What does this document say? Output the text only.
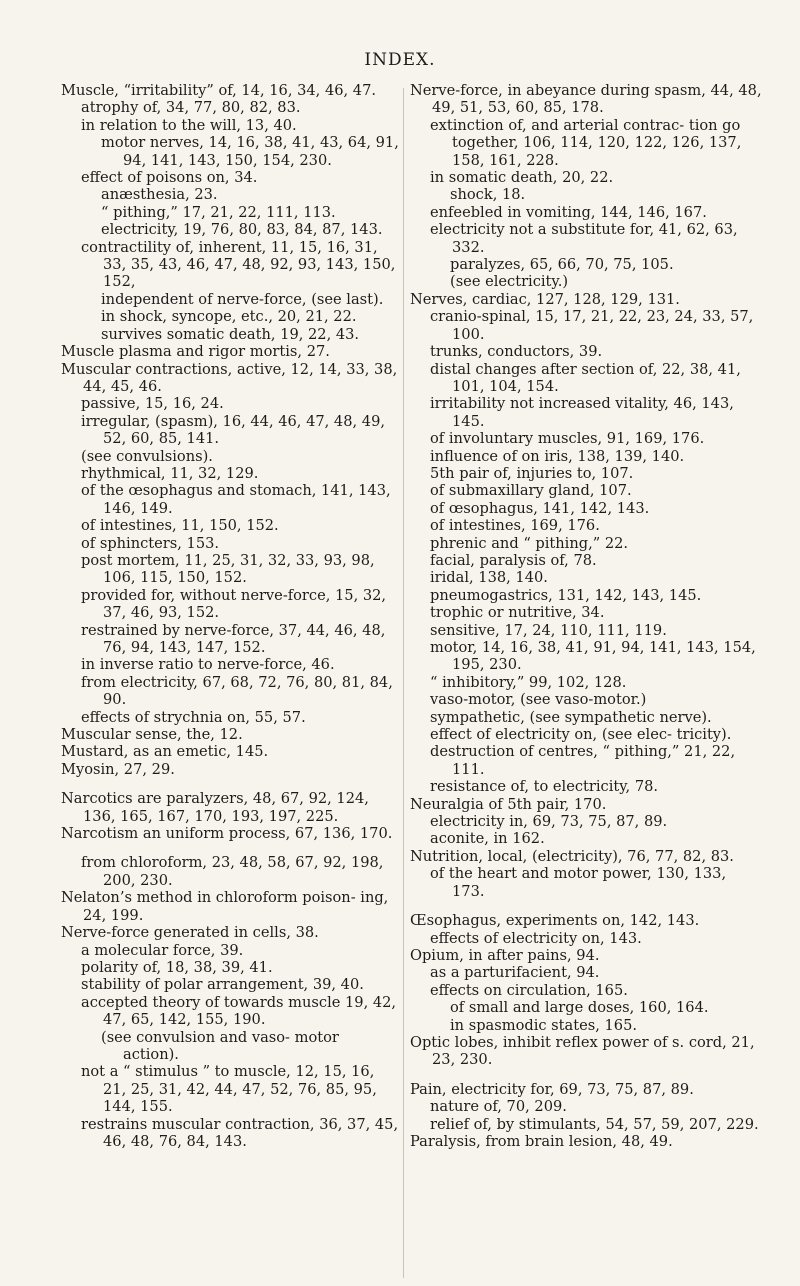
INDEX.

Muscle, “irritability” of, 14, 16, 34, 46, 47.

atrophy of, 34, 77, 80, 82, 83.

in relation to the will, 13, 40.

motor nerves, 14, 16, 38, 41, 43, 64, 91, 94, 141, 143, 150, 154, 230.

effect of poisons on, 34.

anæsthesia, 23.

“ pithing,” 17, 21, 22, 111, 113.

electricity, 19, 76, 80, 83, 84, 87, 143.

contractility of, inherent, 11, 15, 16, 31, 33, 35, 43, 46, 47, 48, 92, 93, 143, 150, 152,

independent of nerve-force, (see last).

in shock, syncope, etc., 20, 21, 22.

survives somatic death, 19, 22, 43.

Muscle plasma and rigor mortis, 27.

Muscular contractions, active, 12, 14, 33, 38, 44, 45, 46.

passive, 15, 16, 24.

irregular, (spasm), 16, 44, 46, 47, 48, 49, 52, 60, 85, 141.

(see convulsions).

rhythmical, 11, 32, 129.

of the œsophagus and stomach, 141, 143, 146, 149.

of intestines, 11, 150, 152.

of sphincters, 153.

post mortem, 11, 25, 31, 32, 33, 93, 98, 106, 115, 150, 152.

provided for, without nerve-force, 15, 32, 37, 46, 93, 152.

restrained by nerve-force, 37, 44, 46, 48, 76, 94, 143, 147, 152.

in inverse ratio to nerve-force, 46.

from electricity, 67, 68, 72, 76, 80, 81, 84, 90.

effects of strychnia on, 55, 57.

Muscular sense, the, 12.

Mustard, as an emetic, 145.

Myosin, 27, 29.

Narcotics are paralyzers, 48, 67, 92, 124, 136, 165, 167, 170, 193, 197, 225.

Narcotism an uniform process, 67, 136, 170.

from chloroform, 23, 48, 58, 67, 92, 198, 200, 230.

Nelaton’s method in chloroform poison- ing, 24, 199.

Nerve-force generated in cells, 38.

a molecular force, 39.

polarity of, 18, 38, 39, 41.

stability of polar arrangement, 39, 40.

accepted theory of towards muscle 19, 42, 47, 65, 142, 155, 190.

(see convulsion and vaso- motor action).

not a “ stimulus ” to muscle, 12, 15, 16, 21, 25, 31, 42, 44, 47, 52, 76, 85, 95, 144, 155.

restrains muscular contraction, 36, 37, 45, 46, 48, 76, 84, 143.

Nerve-force, in abeyance during spasm, 44, 48, 49, 51, 53, 60, 85, 178.

extinction of, and arterial contrac- tion go together, 106, 114, 120, 122, 126, 137, 158, 161, 228.

in somatic death, 20, 22.

shock, 18.

enfeebled in vomiting, 144, 146, 167.

electricity not a substitute for, 41, 62, 63, 332.

paralyzes, 65, 66, 70, 75, 105.

(see electricity.)

Nerves, cardiac, 127, 128, 129, 131.

cranio-spinal, 15, 17, 21, 22, 23, 24, 33, 57, 100.

trunks, conductors, 39.

distal changes after section of, 22, 38, 41, 101, 104, 154.

irritability not increased vitality, 46, 143, 145.

of involuntary muscles, 91, 169, 176.

influence of on iris, 138, 139, 140.

5th pair of, injuries to, 107.

of submaxillary gland, 107.

of œsophagus, 141, 142, 143.

of intestines, 169, 176.

phrenic and “ pithing,” 22.

facial, paralysis of, 78.

iridal, 138, 140.

pneumogastrics, 131, 142, 143, 145.

trophic or nutritive, 34.

sensitive, 17, 24, 110, 111, 119.

motor, 14, 16, 38, 41, 91, 94, 141, 143, 154, 195, 230.

“ inhibitory,” 99, 102, 128.

vaso-motor, (see vaso-motor.)

sympathetic, (see sympathetic nerve).

effect of electricity on, (see elec- tricity).

destruction of centres, “ pithing,” 21, 22, 111.

resistance of, to electricity, 78.

Neuralgia of 5th pair, 170.

electricity in, 69, 73, 75, 87, 89.

aconite, in 162.

Nutrition, local, (electricity), 76, 77, 82, 83.

of the heart and motor power, 130, 133, 173.

Œsophagus, experiments on, 142, 143.

effects of electricity on, 143.

Opium, in after pains, 94.

as a parturifacient, 94.

effects on circulation, 165.

of small and large doses, 160, 164.

in spasmodic states, 165.

Optic lobes, inhibit reflex power of s. cord, 21, 23, 230.

Pain, electricity for, 69, 73, 75, 87, 89.

nature of, 70, 209.

relief of, by stimulants, 54, 57, 59, 207, 229.

Paralysis, from brain lesion, 48, 49.
